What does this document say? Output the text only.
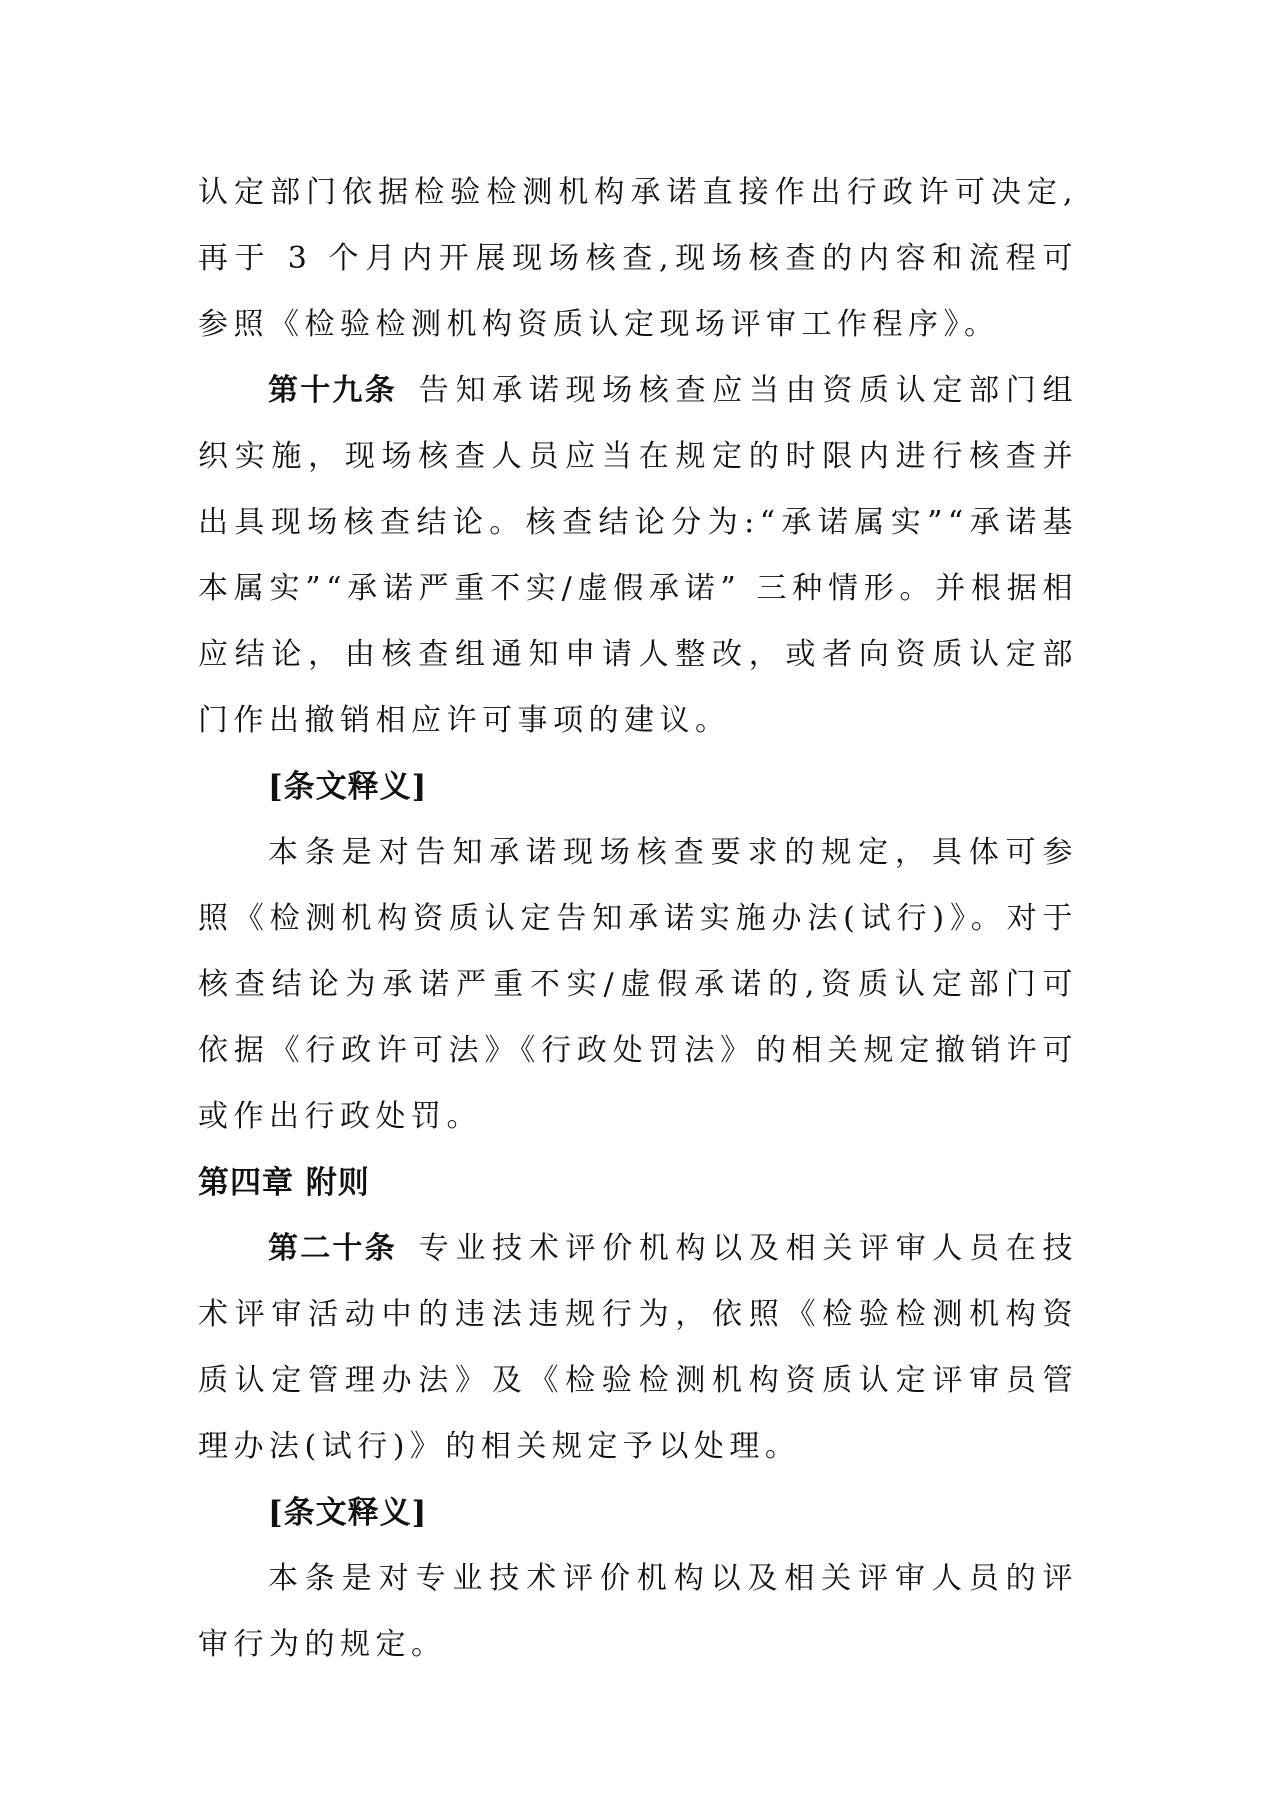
认定部门依据检验检测机构承诺直接作出行政许可决定,再于 3 个月内开展现场核查,现场核查的内容和流程可参照《检验检测机构资质认定现场评审工作程序》。

第十九条 告知承诺现场核查应当由资质认定部门组织实施，现场核查人员应当在规定的时限内进行核查并出具现场核查结论。核查结论分为:“承诺属实”“承诺基本属实”“承诺严重不实/虚假承诺” 三种情形。并根据相应结论，由核查组通知申请人整改，或者向资质认定部门作出撤销相应许可事项的建议。

[条文释义]

本条是对告知承诺现场核查要求的规定，具体可参照《检测机构资质认定告知承诺实施办法(试行)》。对于核查结论为承诺严重不实/虚假承诺的,资质认定部门可依据《行政许可法》《行政处罚法》的相关规定撤销许可或作出行政处罚。

第四章 附则

第二十条 专业技术评价机构以及相关评审人员在技术评审活动中的违法违规行为，依照《检验检测机构资质认定管理办法》及《检验检测机构资质认定评审员管理办法(试行)》的相关规定予以处理。

[条文释义]

本条是对专业技术评价机构以及相关评审人员的评审行为的规定。
